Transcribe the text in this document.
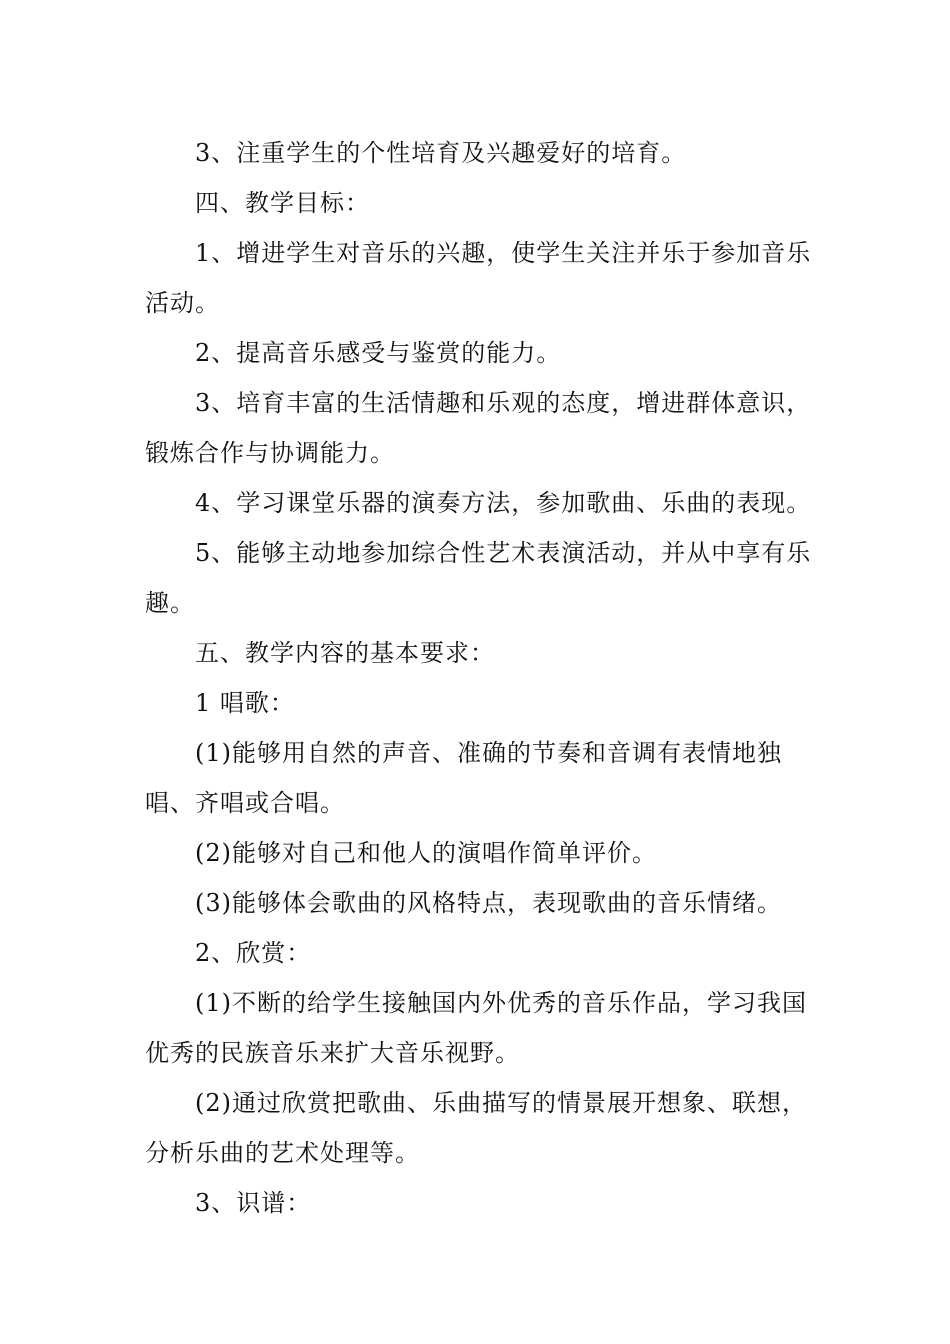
3、注重学生的个性培育及兴趣爱好的培育。

四、教学目标：

1、增进学生对音乐的兴趣，使学生关注并乐于参加音乐活动。

2、提高音乐感受与鉴赏的能力。

3、培育丰富的生活情趣和乐观的态度，增进群体意识，锻炼合作与协调能力。

4、学习课堂乐器的演奏方法，参加歌曲、乐曲的表现。

5、能够主动地参加综合性艺术表演活动，并从中享有乐趣。

五、教学内容的基本要求：

1 唱歌：

(1)能够用自然的声音、准确的节奏和音调有表情地独唱、齐唱或合唱。

(2)能够对自己和他人的演唱作简单评价。

(3)能够体会歌曲的风格特点，表现歌曲的音乐情绪。

2、欣赏：

(1)不断的给学生接触国内外优秀的音乐作品，学习我国优秀的民族音乐来扩大音乐视野。

(2)通过欣赏把歌曲、乐曲描写的情景展开想象、联想，分析乐曲的艺术处理等。

3、识谱：
